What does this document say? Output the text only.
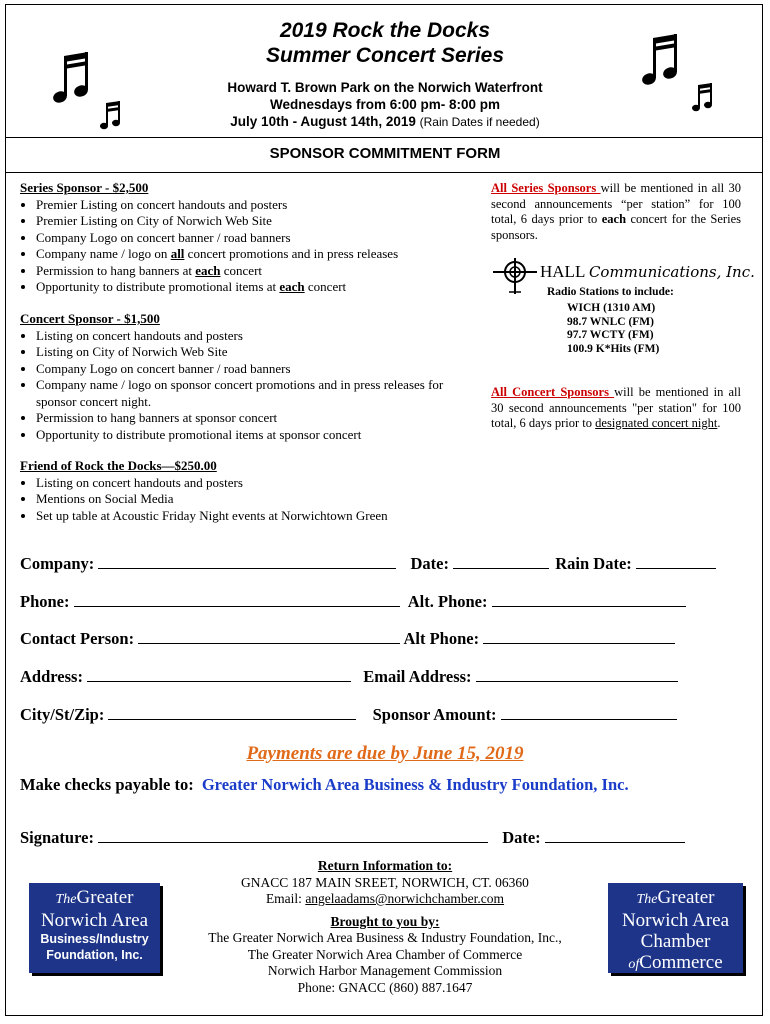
2019 Rock the Docks
Summer Concert Series
Howard T. Brown Park on the Norwich Waterfront
Wednesdays from 6:00 pm- 8:00 pm
July 10th - August 14th, 2019 (Rain Dates if needed)
SPONSOR COMMITMENT FORM
Series Sponsor - $2,500
• Premier Listing on concert handouts and posters
• Premier Listing on City of Norwich Web Site
• Company Logo on concert banner / road banners
• Company name / logo on all concert promotions and in press releases
• Permission to hang banners at each concert
• Opportunity to distribute promotional items at each concert
Concert Sponsor - $1,500
• Listing on concert handouts and posters
• Listing on City of Norwich Web Site
• Company Logo on concert banner / road banners
• Company name / logo on sponsor concert promotions and in press releases for sponsor concert night.
• Permission to hang banners at sponsor concert
• Opportunity to distribute promotional items at sponsor concert
Friend of Rock the Docks—$250.00
• Listing on concert handouts and posters
• Mentions on Social Media
• Set up table at Acoustic Friday Night events at Norwichtown Green
All Series Sponsors will be mentioned in all 30 second announcements “per station” for 100 total, 6 days prior to each concert for the Series sponsors.
HALL Communications, Inc.
Radio Stations to include:
WICH (1310 AM)
98.7 WNLC (FM)
97.7 WCTY (FM)
100.9 K*Hits (FM)
All Concert Sponsors will be mentioned in all 30 second announcements "per station" for 100 total, 6 days prior to designated concert night.
Company:	Date:	Rain Date:
Phone:	Alt. Phone:
Contact Person:	Alt Phone:
Address:	Email Address:
City/St/Zip:	Sponsor Amount:
Payments are due by June 15, 2019
Make checks payable to: Greater Norwich Area Business & Industry Foundation, Inc.
Signature:	Date:
Return Information to:
GNACC 187 MAIN SREET, NORWICH, CT. 06360
Email: angelaadams@norwichchamber.com
Brought to you by:
The Greater Norwich Area Business & Industry Foundation, Inc.,
The Greater Norwich Area Chamber of Commerce
Norwich Harbor Management Commission
Phone: GNACC (860) 887.1647
TheGreater
Norwich Area
Business/Industry
Foundation, Inc.
TheGreater
Norwich Area
Chamber
ofCommerce
